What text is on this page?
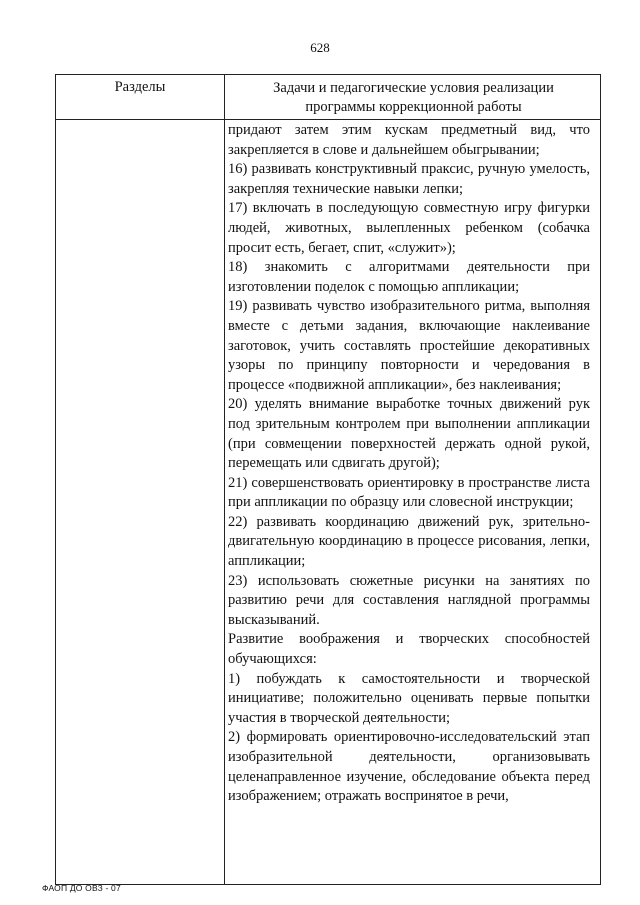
628
Разделы	Задачи и педагогические условия реализации
программы коррекционной работы

придают затем этим кускам предметный вид, что закрепляется в слове и дальнейшем обыгрывании;

16) развивать конструктивный праксис, ручную умелость, закрепляя технические навыки лепки;

17) включать в последующую совместную игру фигурки людей, животных, вылепленных ребенком (собачка просит есть, бегает, спит, «служит»);

18) знакомить с алгоритмами деятельности при изготовлении поделок с помощью аппликации;

19) развивать чувство изобразительного ритма, выполняя вместе с детьми задания, включающие наклеивание заготовок, учить составлять простейшие декоративных узоры по принципу повторности и чередования в процессе «подвижной аппликации», без наклеивания;

20) уделять внимание выработке точных движений рук под зрительным контролем при выполнении аппликации (при совмещении поверхностей держать одной рукой, перемещать или сдвигать другой);

21) совершенствовать ориентировку в пространстве листа при аппликации по образцу или словесной инструкции;

22) развивать координацию движений рук, зрительно-двигательную координацию в процессе рисования, лепки, аппликации;

23) использовать сюжетные рисунки на занятиях по развитию речи для составления наглядной программы высказываний.

Развитие воображения и творческих способностей обучающихся:

1) побуждать к самостоятельности и творческой инициативе; положительно оценивать первые попытки участия в творческой деятельности;

2) формировать ориентировочно-исследовательский этап изобразительной деятельности, организовывать целенаправленное изучение, обследование объекта перед изображением; отражать воспринятое в речи,

ФАОП ДО ОВЗ - 07
